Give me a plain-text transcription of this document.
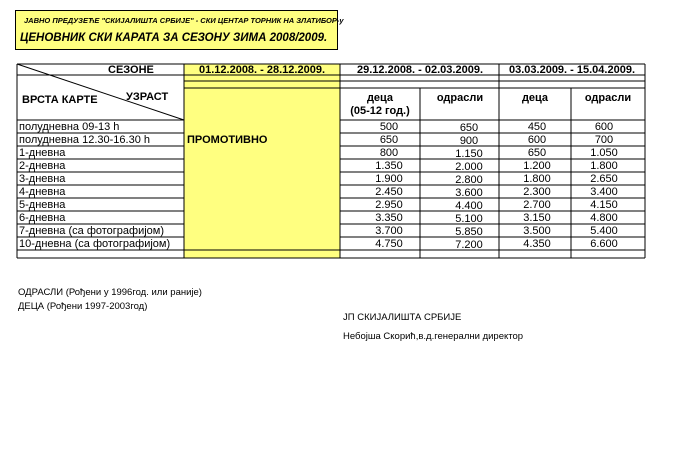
ЈАВНО ПРЕДУЗЕЋЕ "СКИЈАЛИШТА СРБИЈЕ" - СКИ ЦЕНТАР ТОРНИК НА ЗЛАТИБОР-у
ЦЕНОВНИК СКИ КАРАТА ЗА СЕЗОНУ ЗИМА 2008/2009.
СЕЗОНЕ
ВРСТА КАРТЕ	УЗРАСТ
01.12.2008. - 28.12.2009.	29.12.2008. - 02.03.2009. 03.03.2009. - 15.04.2009.
деца
(05-12 год.)
одрасли	деца	одрасли
ПРОМОТИВНО
полудневна 09-13 h	500	650	450	600
полудневна 12.30-16.30 h	650	900	600	700
1-дневна	800	1.150	650	1.050
2-дневна	1.350	2.000	1.200	1.800
3-дневна	1.900	2.800	1.800	2.650
4-дневна	2.450	3.600	2.300	3.400
5-дневна	2.950	4.400	2.700	4.150
6-дневна	3.350	5.100	3.150	4.800
7-дневна (са фотографијом)	3.700	5.850	3.500	5.400
10-дневна (са фотографијом)	4.750	7.200	4.350	6.600
ОДРАСЛИ (Рођени у 1996год. или раније)
ДЕЦА (Рођени 1997-2003год)
ЈП СКИЈАЛИШТА СРБИЈЕ
Небојша Скорић,в.д.генерални директор
